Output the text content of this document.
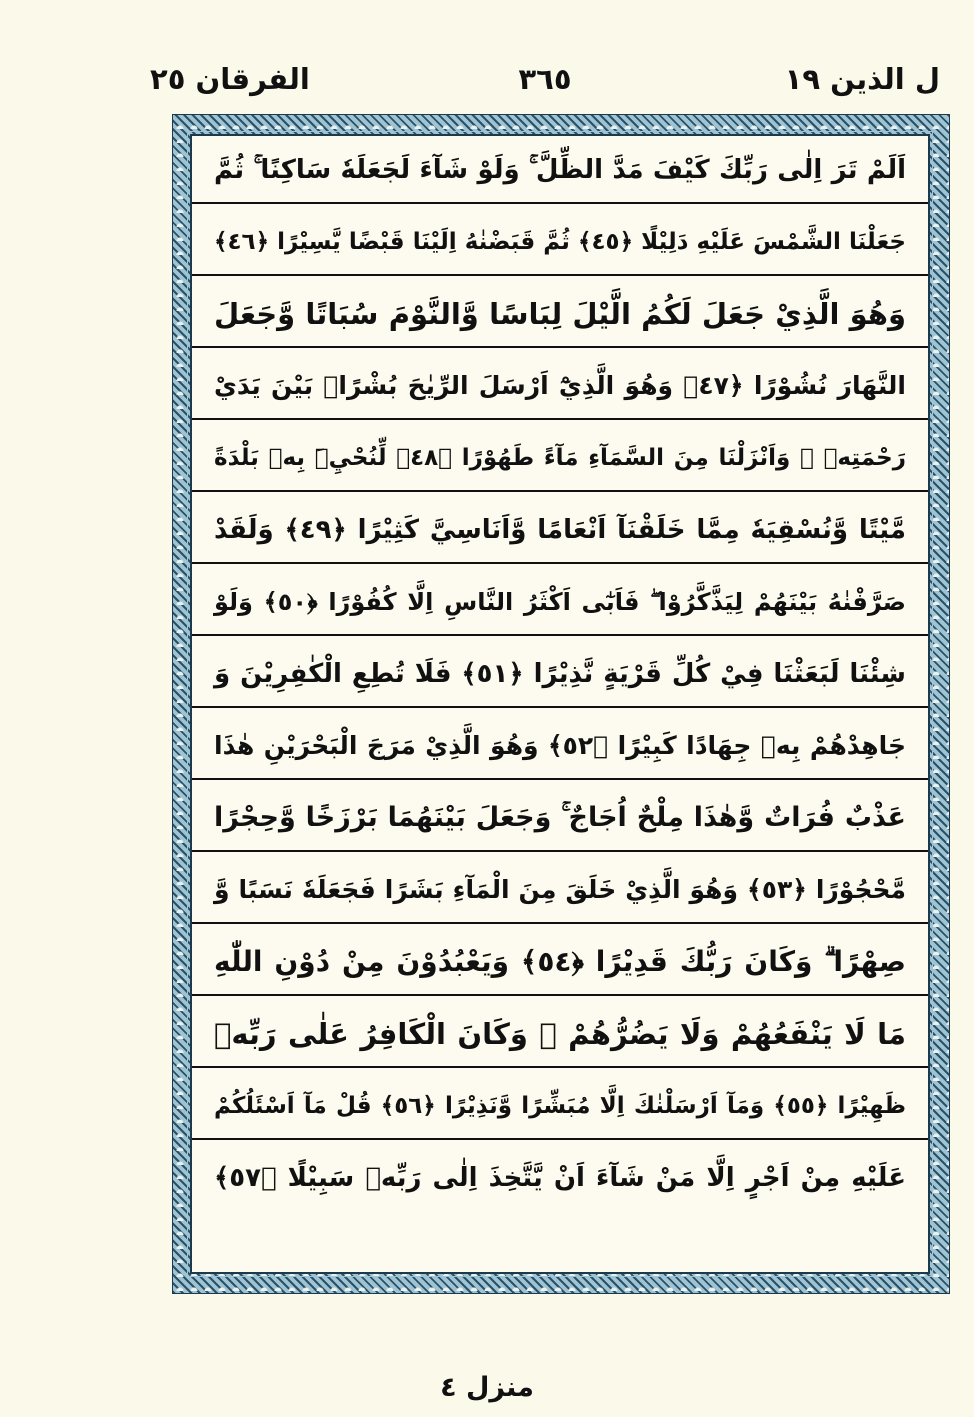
الفرقان ٢٥	٣٦٥	ل الذين ١٩
اَلَمْ تَرَ اِلٰى رَبِّكَ كَيْفَ مَدَّ الظِّلَّ ۚ وَلَوْ شَآءَ لَجَعَلَهٗ سَاكِنًا ۚ ثُمَّ
جَعَلْنَا الشَّمْسَ عَلَيْهِ دَلِيْلًا ﴿٤٥﴾ ثُمَّ قَبَضْنٰهُ اِلَيْنَا قَبْضًا يَّسِيْرًا ﴿٤٦﴾
وَهُوَ الَّذِيْ جَعَلَ لَكُمُ الَّيْلَ لِبَاسًا وَّالنَّوْمَ سُبَاتًا وَّجَعَلَ
النَّهَارَ نُشُوْرًا ﴿٤٧﴾ وَهُوَ الَّذِيْٓ اَرْسَلَ الرِّيٰحَ بُشْرًاۢ بَيْنَ يَدَيْ
رَحْمَتِهٖ ۚ وَاَنْزَلْنَا مِنَ السَّمَآءِ مَآءً طَهُوْرًا ﴿٤٨﴾ لِّنُحْيِۦَ بِهٖ بَلْدَةً
مَّيْتًا وَّنُسْقِيَهٗ مِمَّا خَلَقْنَآ اَنْعَامًا وَّاَنَاسِيَّ كَثِيْرًا ﴿٤٩﴾ وَلَقَدْ
صَرَّفْنٰهُ بَيْنَهُمْ لِيَذَّكَّرُوْا ۖ فَاَبٰٓى اَكْثَرُ النَّاسِ اِلَّا كُفُوْرًا ﴿٥٠﴾ وَلَوْ
شِئْنَا لَبَعَثْنَا فِيْ كُلِّ قَرْيَةٍ نَّذِيْرًا ﴿٥١﴾ فَلَا تُطِعِ الْكٰفِرِيْنَ وَ
جَاهِدْهُمْ بِهٖ جِهَادًا كَبِيْرًا ﴿٥٢﴾ وَهُوَ الَّذِيْ مَرَجَ الْبَحْرَيْنِ هٰذَا
عَذْبٌ فُرَاتٌ وَّهٰذَا مِلْحٌ اُجَاجٌ ۚ وَجَعَلَ بَيْنَهُمَا بَرْزَخًا وَّحِجْرًا
مَّحْجُوْرًا ﴿٥٣﴾ وَهُوَ الَّذِيْ خَلَقَ مِنَ الْمَآءِ بَشَرًا فَجَعَلَهٗ نَسَبًا وَّ
صِهْرًا ۗ وَكَانَ رَبُّكَ قَدِيْرًا ﴿٥٤﴾ وَيَعْبُدُوْنَ مِنْ دُوْنِ اللّٰهِ
مَا لَا يَنْفَعُهُمْ وَلَا يَضُرُّهُمْ ۗ وَكَانَ الْكَافِرُ عَلٰى رَبِّهٖ
ظَهِيْرًا ﴿٥٥﴾ وَمَآ اَرْسَلْنٰكَ اِلَّا مُبَشِّرًا وَّنَذِيْرًا ﴿٥٦﴾ قُلْ مَآ اَسْئَلُكُمْ
عَلَيْهِ مِنْ اَجْرٍ اِلَّا مَنْ شَآءَ اَنْ يَّتَّخِذَ اِلٰى رَبِّهٖ سَبِيْلًا ﴿٥٧﴾
منزل ٤
